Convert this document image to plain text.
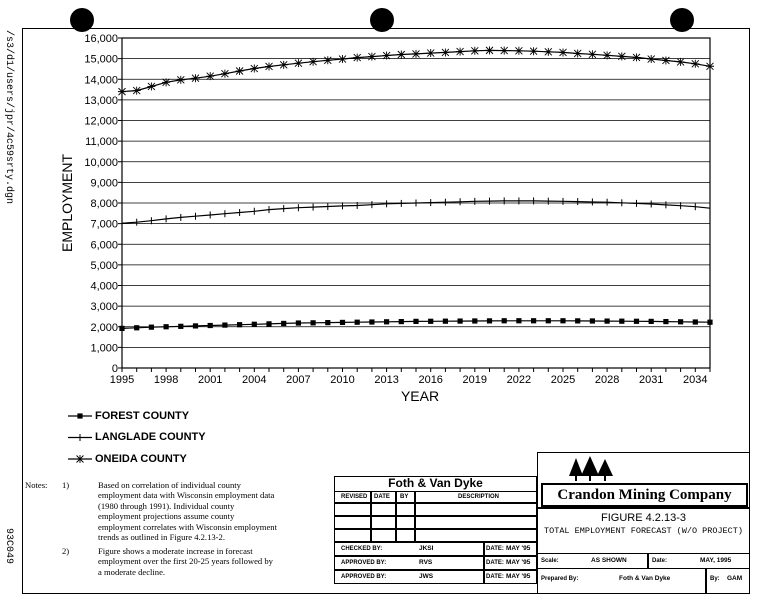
/s3/d1/users/jpr/4c59srty.dgn
93C049
0
1,000
2,000
3,000
4,000
5,000
6,000
7,000
8,000
9,000
10,000
11,000
12,000
13,000
14,000
15,000
16,000
1995 1998 2001 2004 2007 2010 2013 2016 2019 2022 2025 2028 2031 2034
EMPLOYMENT
YEAR
FOREST COUNTY
LANGLADE COUNTY
ONEIDA COUNTY
Notes: 1)	Based on correlation of individual county
employment data with Wisconsin employment data
(1980 through 1991). Individual county
employment projections assume county
employment correlates with Wisconsin employment
trends as outlined in Figure 4.2.13-2.
2)	Figure shows a moderate increase in forecast
employment over the first 20-25 years followed by
a moderate decline.
Foth & Van Dyke
REVISED DATE BY	DESCRIPTION
CHECKED BY:	JKSI	DATE: MAY '95
APPROVED BY:	RVS	DATE: MAY '95
APPROVED BY:	JWS	DATE: MAY '95
Crandon Mining Company
FIGURE 4.2.13-3
TOTAL EMPLOYMENT FORECAST (W/O PROJECT)
Scale:	AS SHOWN	Date:	MAY, 1995
Prepared By:	Foth & Van Dyke	By: GAM
